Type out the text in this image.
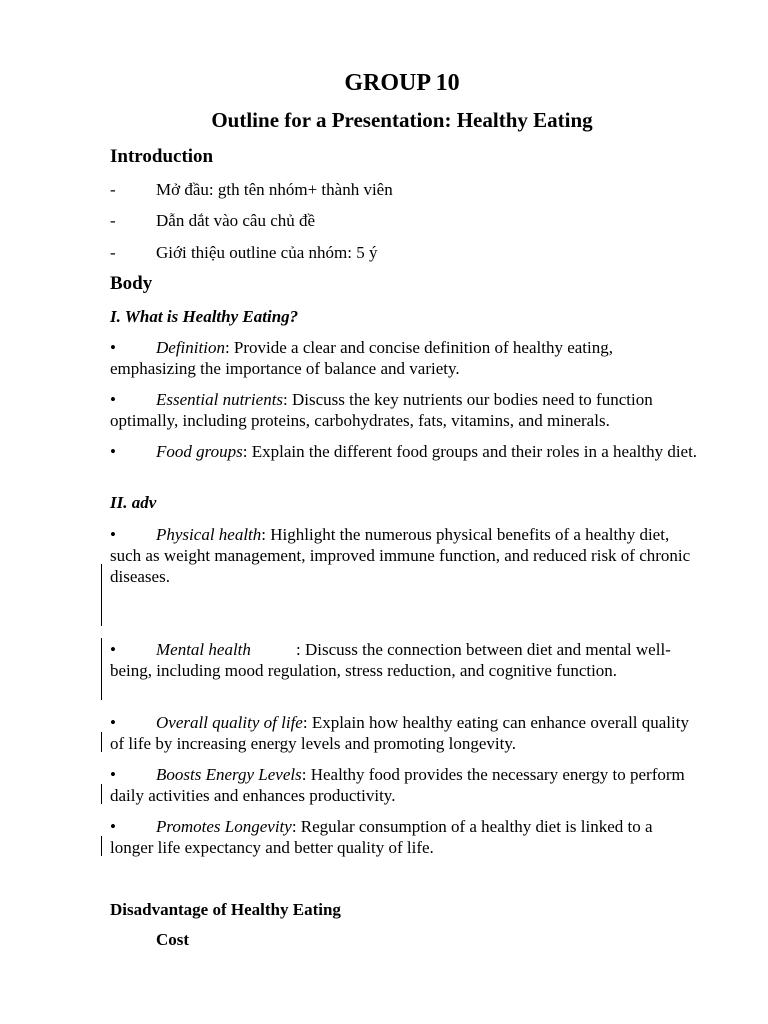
GROUP 10
Outline for a Presentation: Healthy Eating
Introduction
- Mở đầu: gth tên nhóm+ thành viên
- Dẫn dắt vào câu chủ đề
- Giới thiệu outline của nhóm: 5 ý
Body
I. What is Healthy Eating?
• Definition: Provide a clear and concise definition of healthy eating, emphasizing the importance of balance and variety.
• Essential nutrients: Discuss the key nutrients our bodies need to function optimally, including proteins, carbohydrates, fats, vitamins, and minerals.
• Food groups: Explain the different food groups and their roles in a healthy diet.
II. adv
• Physical health: Highlight the numerous physical benefits of a healthy diet, such as weight management, improved immune function, and reduced risk of chronic diseases.
• Mental health	: Discuss the connection between diet and mental well-being, including mood regulation, stress reduction, and cognitive function.
• Overall quality of life: Explain how healthy eating can enhance overall quality of life by increasing energy levels and promoting longevity.
• Boosts Energy Levels: Healthy food provides the necessary energy to perform daily activities and enhances productivity.
• Promotes Longevity: Regular consumption of a healthy diet is linked to a longer life expectancy and better quality of life.
Disadvantage of Healthy Eating
Cost
